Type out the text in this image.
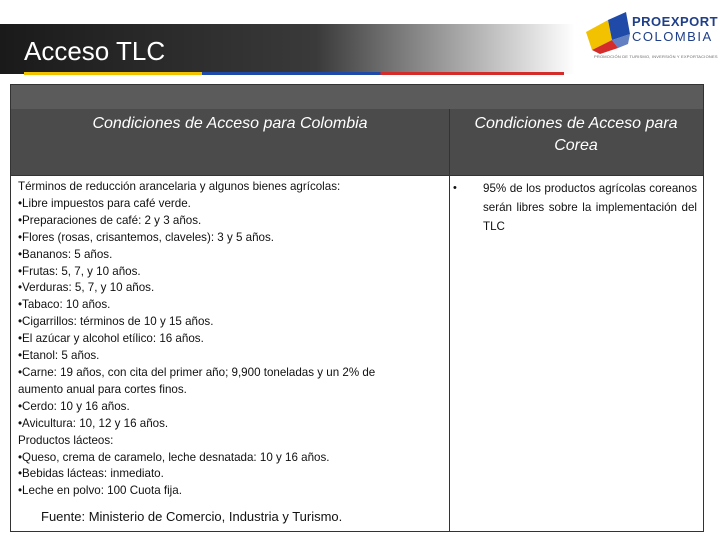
Acceso TLC
PROEXPORT
COLOMBIA
PROMOCIÓN DE TURISMO, INVERSIÓN Y EXPORTACIONES
Condiciones de Acceso para Colombia	Condiciones de Acceso para
Corea
Términos de reducción arancelaria y algunos bienes agrícolas:
•Libre impuestos para café verde.
•Preparaciones de café: 2 y 3 años.
•Flores (rosas, crisantemos, claveles): 3 y 5 años.
•Bananos: 5 años.
•Frutas: 5, 7, y 10 años.
•Verduras: 5, 7, y 10 años.
•Tabaco: 10 años.
•Cigarrillos: términos de 10 y 15 años.
•El azúcar y alcohol etílico: 16 años.
•Etanol: 5 años.
•Carne: 19 años, con cita del primer año; 9,900 toneladas y un 2% de
aumento anual para cortes finos.
•Cerdo: 10 y 16 años.
•Avicultura: 10, 12 y 16 años.
Productos lácteos:
•Queso, crema de caramelo, leche desnatada: 10 y 16 años.
•Bebidas lácteas: inmediato.
•Leche en polvo: 100 Cuota fija.
Fuente: Ministerio de Comercio, Industria y Turismo.
•	95% de los productos agrícolas coreanos serán libres sobre la implementación del TLC
